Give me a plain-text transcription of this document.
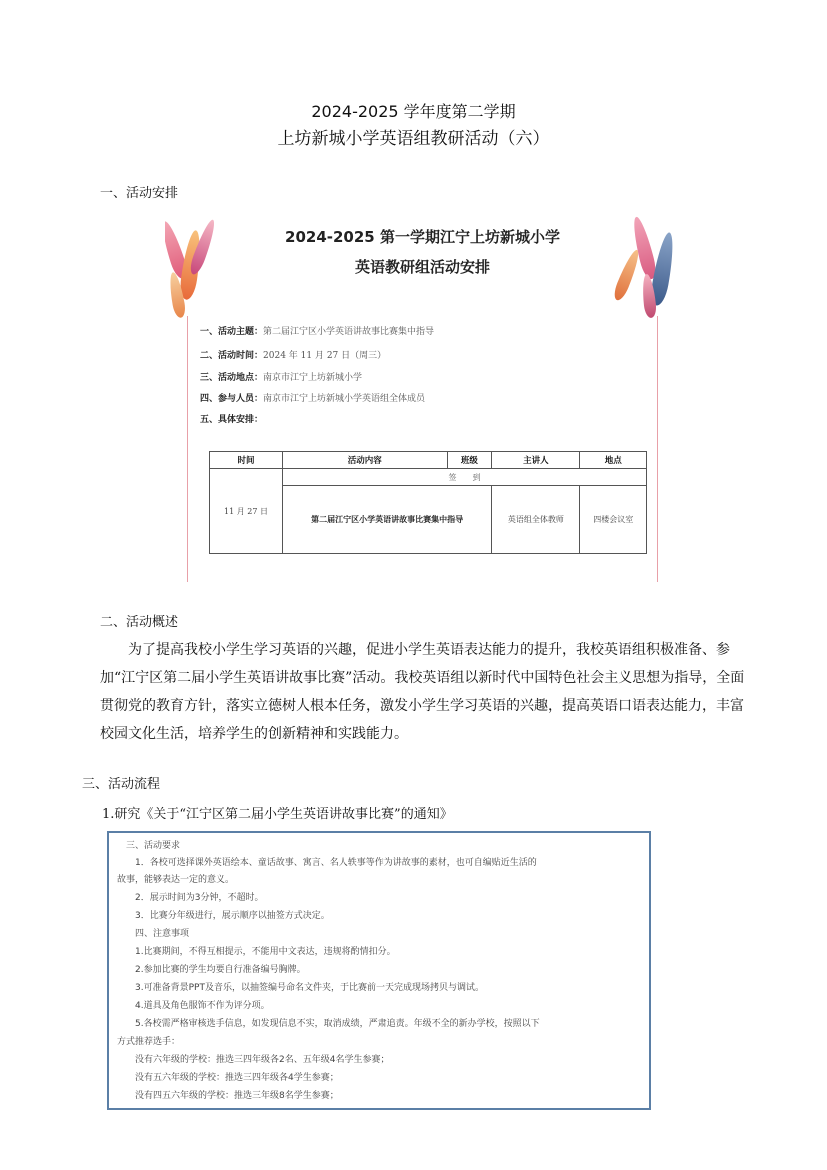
2024-2025 学年度第二学期
上坊新城小学英语组教研活动（六）
一、活动安排
2024-2025 第一学期江宁上坊新城小学
英语教研组活动安排
一、活动主题：第二届江宁区小学英语讲故事比赛集中指导
二、活动时间：2024 年 11 月 27 日（周三）
三、活动地点：南京市江宁上坊新城小学
四、参与人员：南京市江宁上坊新城小学英语组全体成员
五、具体安排：
时间	活动内容	班级	主讲人	地点
11 月 27 日	签　　到			
	第二届江宁区小学英语讲故事比赛集中指导		英语组全体教师	四楼会议室
二、活动概述
为了提高我校小学生学习英语的兴趣，促进小学生英语表达能力的提升，我校英语组积极准备、参加“江宁区第二届小学生英语讲故事比赛”活动。我校英语组以新时代中国特色社会主义思想为指导，全面贯彻党的教育方针，落实立德树人根本任务，激发小学生学习英语的兴趣，提高英语口语表达能力，丰富校园文化生活，培养学生的创新精神和实践能力。
三、活动流程
1.研究《关于“江宁区第二届小学生英语讲故事比赛”的通知》
　三、活动要求
　　1．各校可选择课外英语绘本、童话故事、寓言、名人轶事等作为讲故事的素材，也可自编贴近生活的
故事，能够表达一定的意义。
　　2．展示时间为3分钟，不超时。
　　3．比赛分年级进行，展示顺序以抽签方式决定。
　　四、注意事项
　　1.比赛期间，不得互相提示，不能用中文表达，违规将酌情扣分。
　　2.参加比赛的学生均要自行准备编号胸牌。
　　3.可准备背景PPT及音乐，以抽签编号命名文件夹，于比赛前一天完成现场拷贝与调试。
　　4.道具及角色服饰不作为评分项。
　　5.各校需严格审核选手信息，如发现信息不实，取消成绩，严肃追责。年级不全的新办学校，按照以下
方式推荐选手：
　　没有六年级的学校：推选三四年级各2名、五年级4名学生参赛；
　　没有五六年级的学校：推选三四年级各4学生参赛；
　　没有四五六年级的学校：推选三年级8名学生参赛；
